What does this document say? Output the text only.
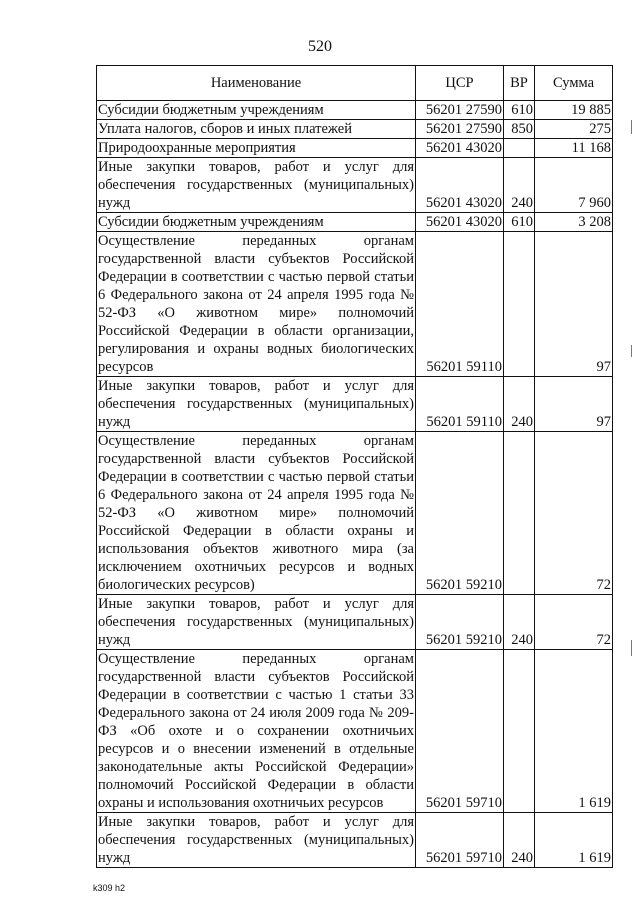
520
Наименование	ЦСР	ВР	Сумма
Субсидии бюджетным учреждениям	56201 27590	610	19 885
Уплата налогов, сборов и иных платежей	56201 27590	850	275
Природоохранные мероприятия	56201 43020		11 168
Иные закупки товаров, работ и услуг для обеспечения государственных (муниципальных) нужд	56201 43020	240	7 960
Субсидии бюджетным учреждениям	56201 43020	610	3 208
Осуществление переданных органам государственной власти субъектов Российской Федерации в соответствии с частью первой статьи 6 Федерального закона от 24 апреля 1995 года № 52-ФЗ «О животном мире» полномочий Российской Федерации в области организации, регулирования и охраны водных биологических ресурсов	56201 59110		97
Иные закупки товаров, работ и услуг для обеспечения государственных (муниципальных) нужд	56201 59110	240	97
Осуществление переданных органам государственной власти субъектов Российской Федерации в соответствии с частью первой статьи 6 Федерального закона от 24 апреля 1995 года № 52-ФЗ «О животном мире» полномочий Российской Федерации в области охраны и использования объектов животного мира (за исключением охотничьих ресурсов и водных биологических ресурсов)	56201 59210		72
Иные закупки товаров, работ и услуг для обеспечения государственных (муниципальных) нужд	56201 59210	240	72
Осуществление переданных органам государственной власти субъектов Российской Федерации в соответствии с частью 1 статьи 33 Федерального закона от 24 июля 2009 года № 209-ФЗ «Об охоте и о сохранении охотничьих ресурсов и о внесении изменений в отдельные законодательные акты Российской Федерации» полномочий Российской Федерации в области охраны и использования охотничьих ресурсов	56201 59710		1 619
Иные закупки товаров, работ и услуг для обеспечения государственных (муниципальных) нужд	56201 59710	240	1 619
k309 h2
